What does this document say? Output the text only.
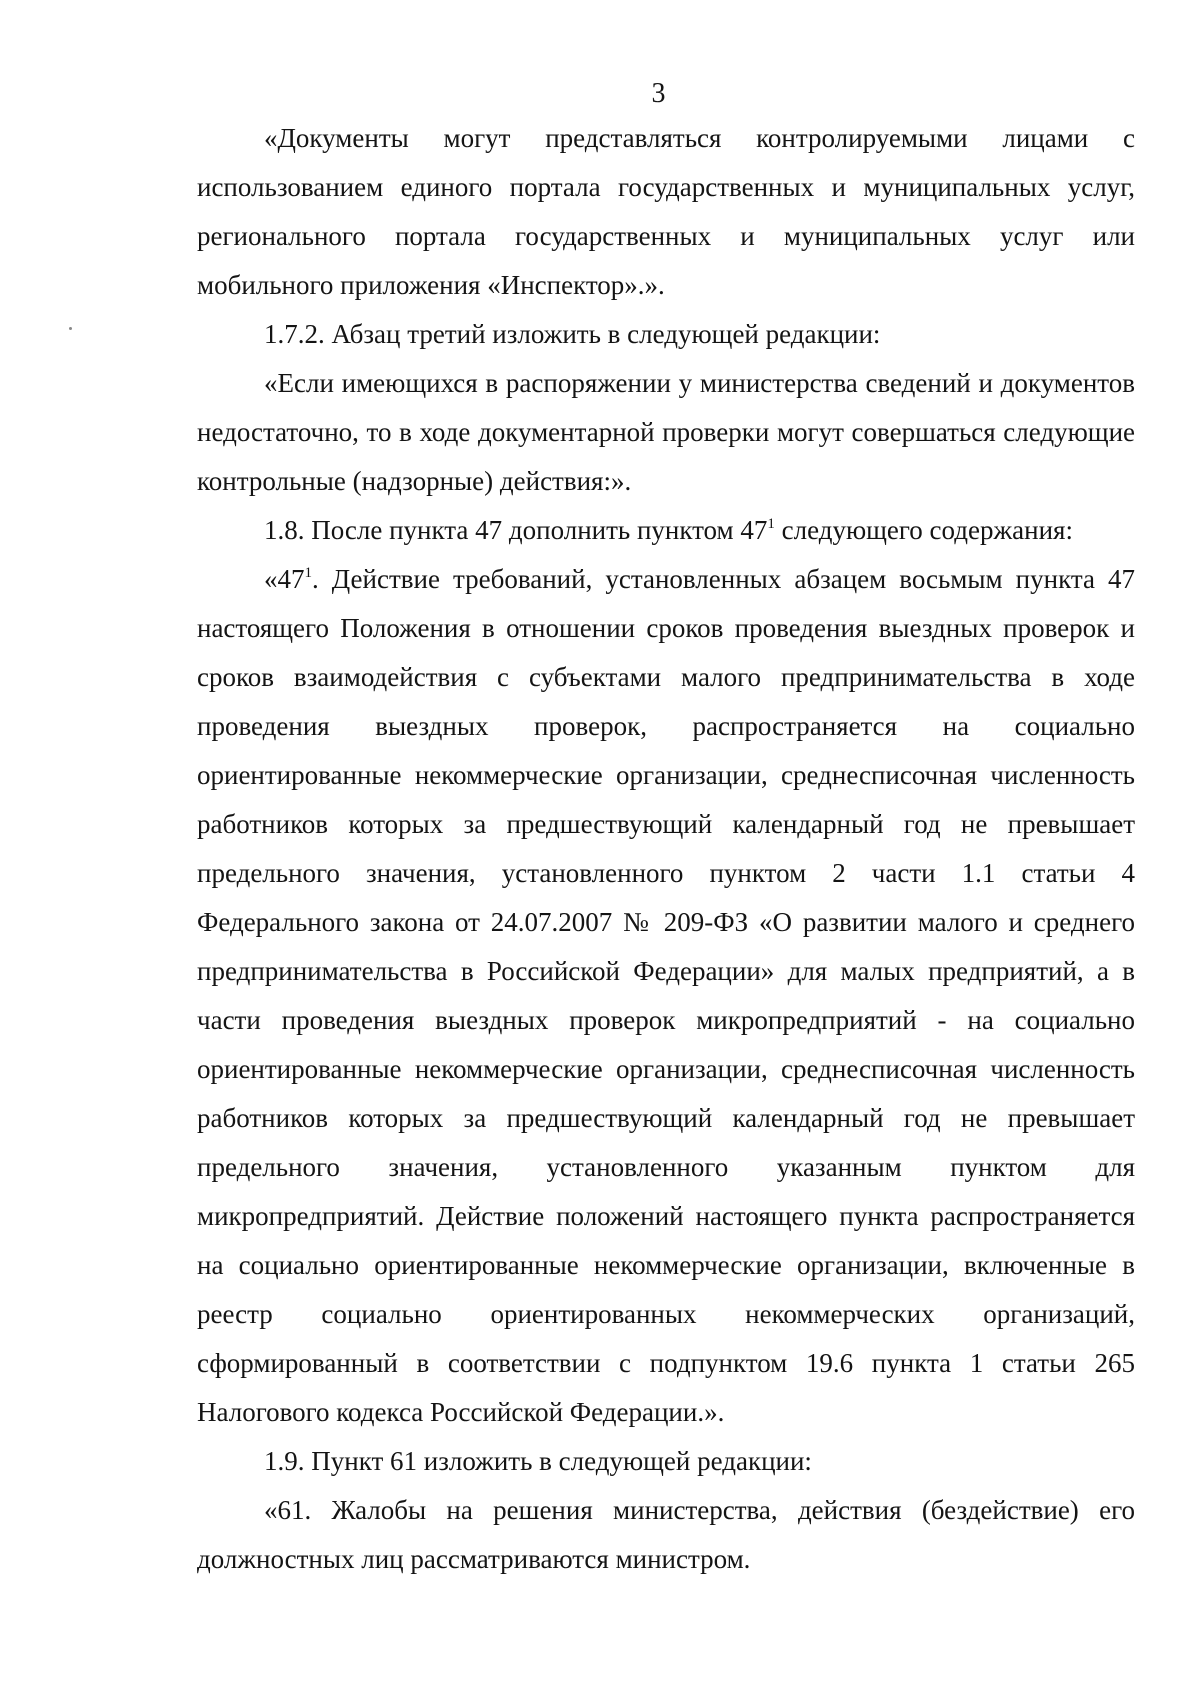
3

«Документы могут представляться контролируемыми лицами с использованием единого портала государственных и муниципальных услуг, регионального портала государственных и муниципальных услуг или мобильного приложения «Инспектор».».

1.7.2. Абзац третий изложить в следующей редакции:

«Если имеющихся в распоряжении у министерства сведений и документов недостаточно, то в ходе документарной проверки могут совершаться следующие контрольные (надзорные) действия:».

1.8. После пункта 47 дополнить пунктом $47^1$ следующего содержания:

«$47^1$. Действие требований, установленных абзацем восьмым пункта 47 настоящего Положения в отношении сроков проведения выездных проверок и сроков взаимодействия с субъектами малого предпринимательства в ходе проведения выездных проверок, распространяется на социально ориентированные некоммерческие организации, среднесписочная численность работников которых за предшествующий календарный год не превышает предельного значения, установленного пунктом 2 части 1.1 статьи 4 Федерального закона от 24.07.2007 № 209-ФЗ «О развитии малого и среднего предпринимательства в Российской Федерации» для малых предприятий, а в части проведения выездных проверок микропредприятий - на социально ориентированные некоммерческие организации, среднесписочная численность работников которых за предшествующий календарный год не превышает предельного значения, установленного указанным пунктом для микропредприятий. Действие положений настоящего пункта распространяется на социально ориентированные некоммерческие организации, включенные в реестр социально ориентированных некоммерческих организаций, сформированный в соответствии с подпунктом 19.6 пункта 1 статьи 265 Налогового кодекса Российской Федерации.».

1.9. Пункт 61 изложить в следующей редакции:

«61. Жалобы на решения министерства, действия (бездействие) его должностных лиц рассматриваются министром.
